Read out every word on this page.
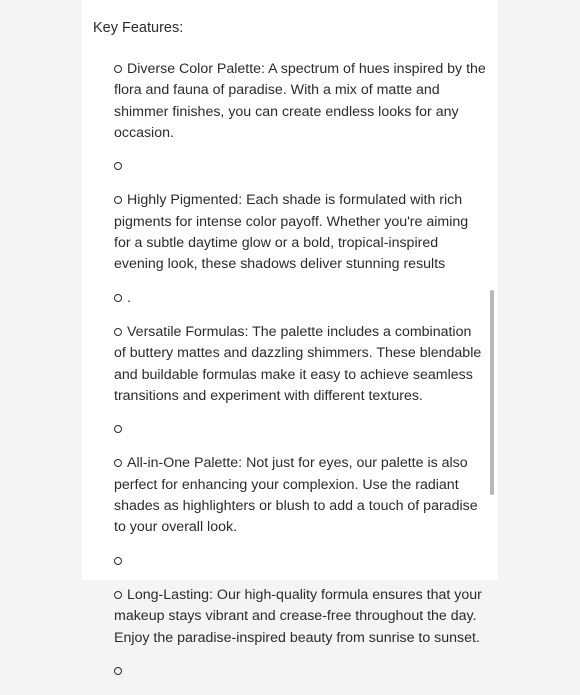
Key Features:

Diverse Color Palette: A spectrum of hues inspired by the flora and fauna of paradise. With a mix of matte and shimmer finishes, you can create endless looks for any occasion.
Highly Pigmented: Each shade is formulated with rich pigments for intense color payoff. Whether you're aiming for a subtle daytime glow or a bold, tropical-inspired evening look, these shadows deliver stunning results
.
Versatile Formulas: The palette includes a combination of buttery mattes and dazzling shimmers. These blendable and buildable formulas make it easy to achieve seamless transitions and experiment with different textures.
All-in-One Palette: Not just for eyes, our palette is also perfect for enhancing your complexion. Use the radiant shades as highlighters or blush to add a touch of paradise to your overall look.
Long-Lasting: Our high-quality formula ensures that your makeup stays vibrant and crease-free throughout the day. Enjoy the paradise-inspired beauty from sunrise to sunset.
